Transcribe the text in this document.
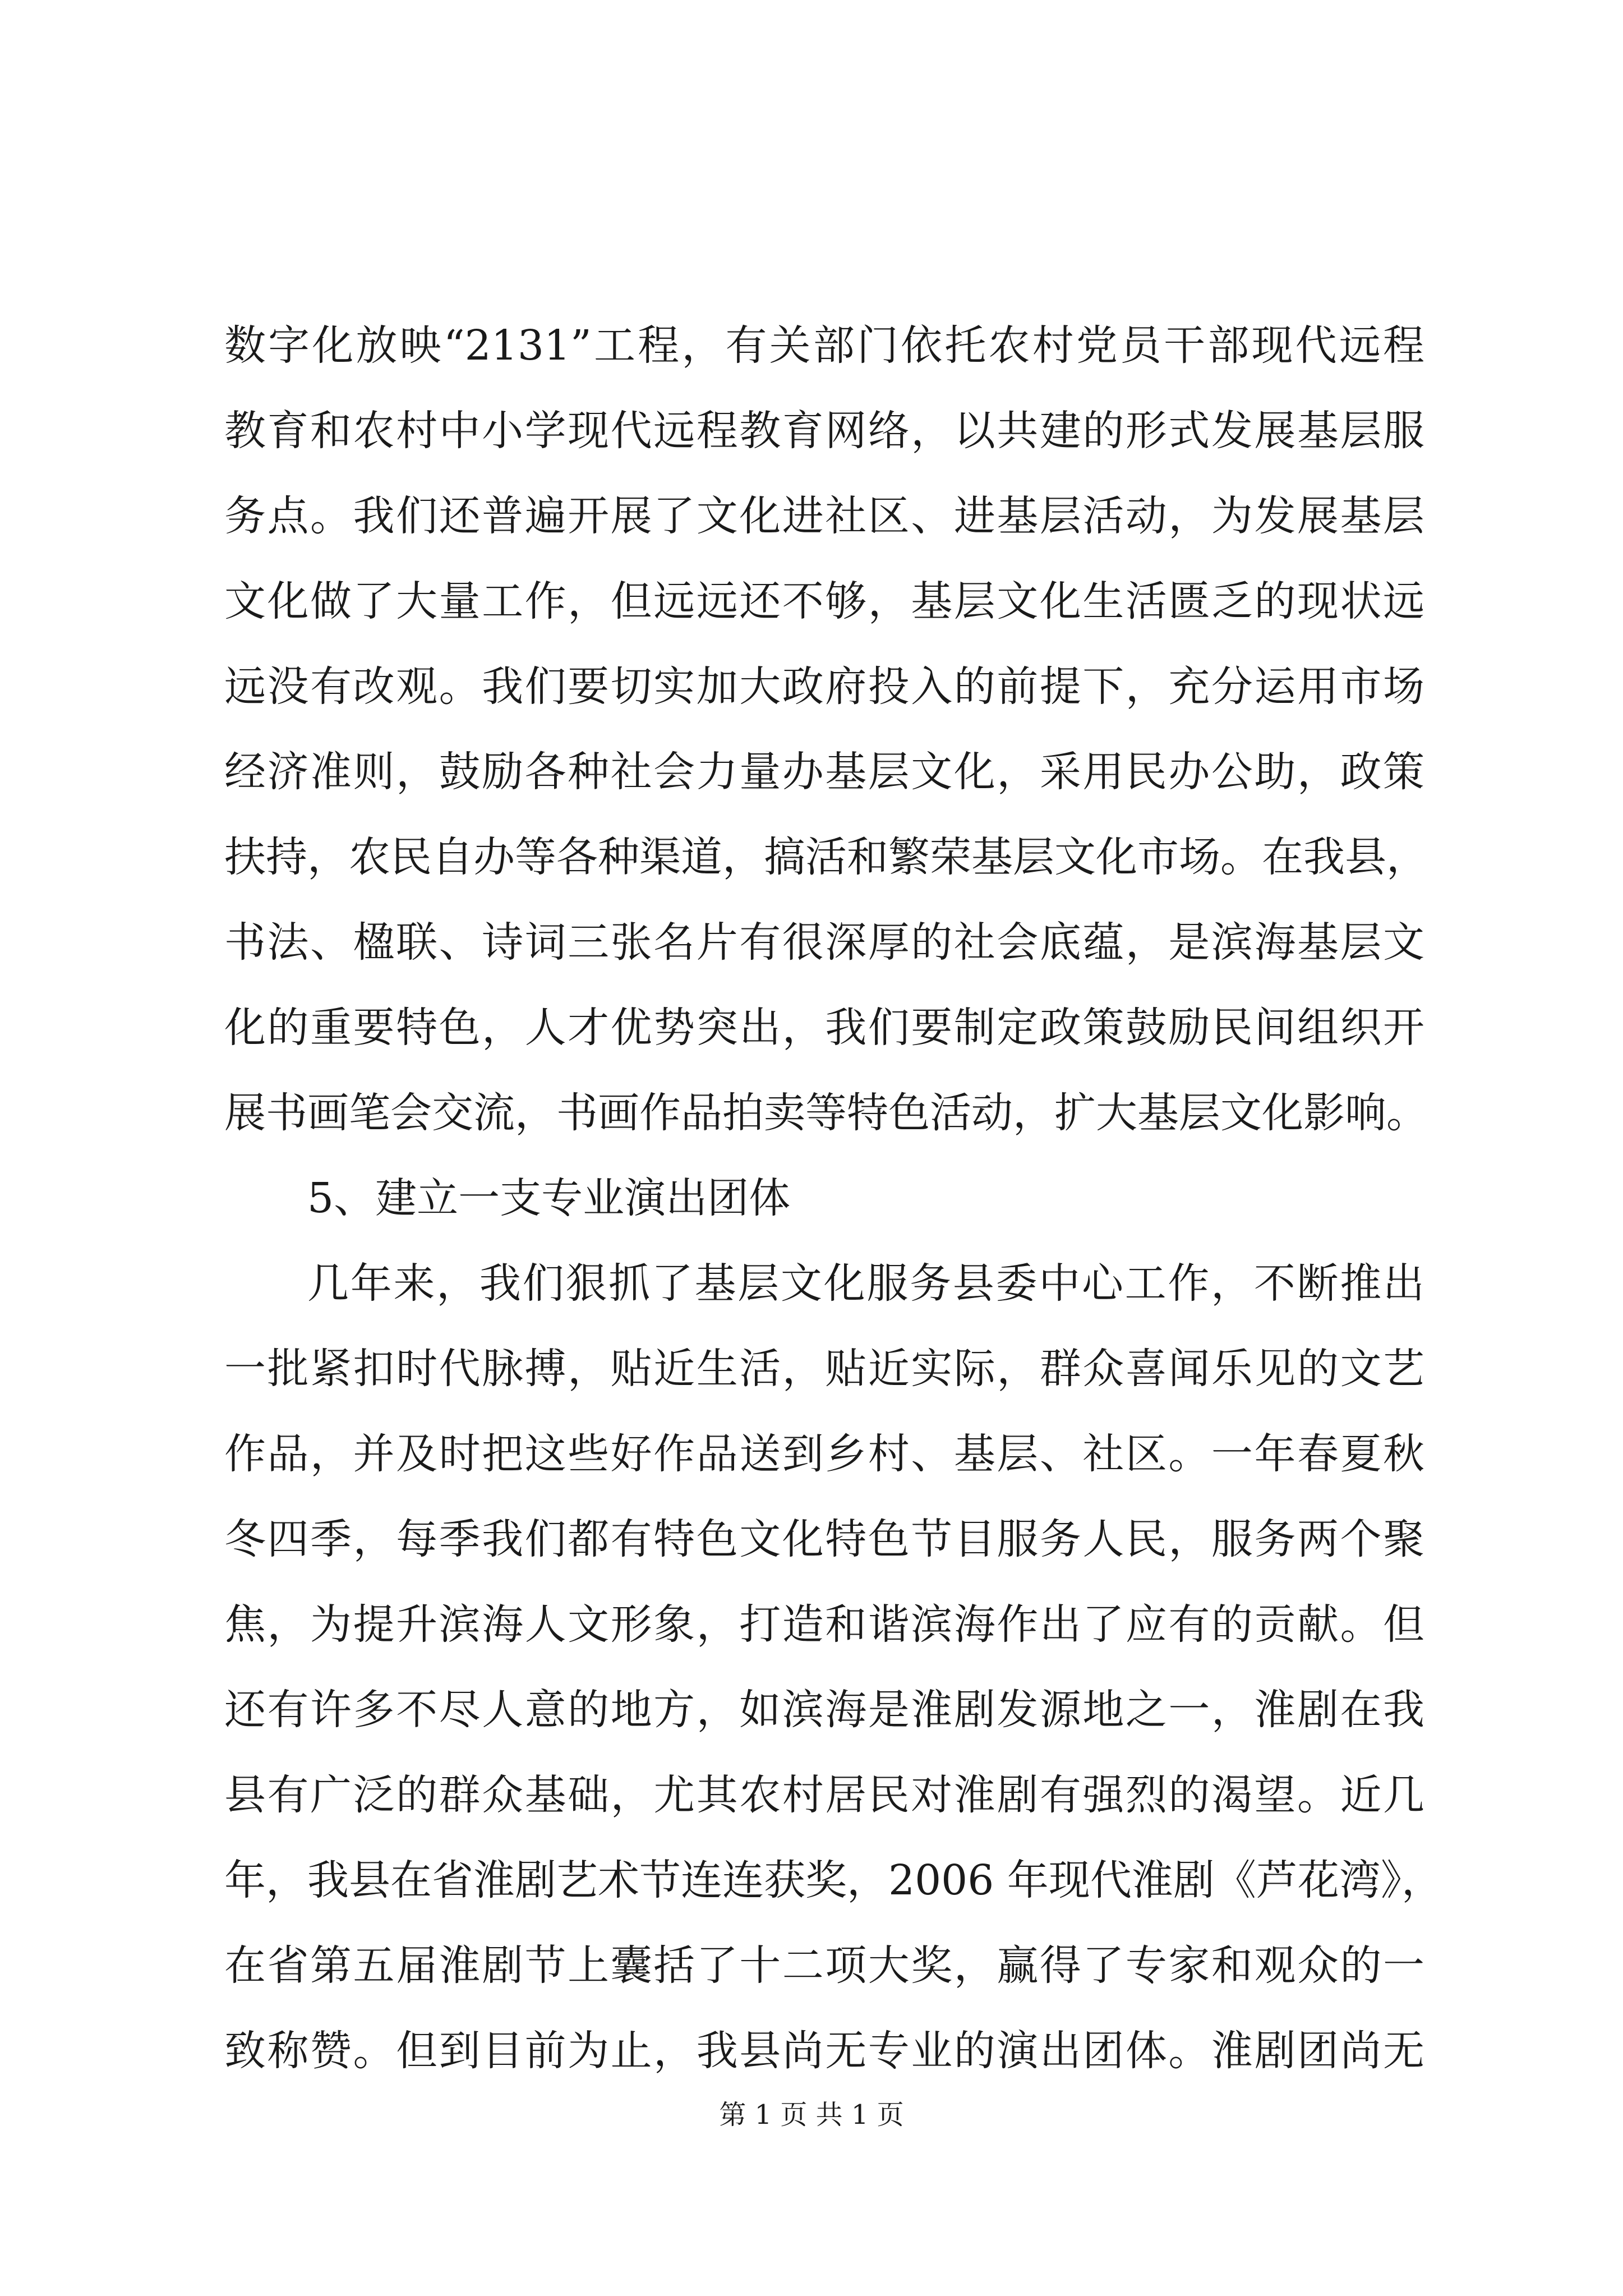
数字化放映“2131”工程，有关部门依托农村党员干部现代远程
教育和农村中小学现代远程教育网络，以共建的形式发展基层服
务点。我们还普遍开展了文化进社区、进基层活动，为发展基层
文化做了大量工作，但远远还不够，基层文化生活匮乏的现状远
远没有改观。我们要切实加大政府投入的前提下，充分运用市场
经济准则，鼓励各种社会力量办基层文化，采用民办公助，政策
扶持，农民自办等各种渠道，搞活和繁荣基层文化市场。在我县，
书法、楹联、诗词三张名片有很深厚的社会底蕴，是滨海基层文
化的重要特色，人才优势突出，我们要制定政策鼓励民间组织开
展书画笔会交流，书画作品拍卖等特色活动，扩大基层文化影响。
5、建立一支专业演出团体
几年来，我们狠抓了基层文化服务县委中心工作，不断推出
一批紧扣时代脉搏，贴近生活，贴近实际，群众喜闻乐见的文艺
作品，并及时把这些好作品送到乡村、基层、社区。一年春夏秋
冬四季，每季我们都有特色文化特色节目服务人民，服务两个聚
焦，为提升滨海人文形象，打造和谐滨海作出了应有的贡献。但
还有许多不尽人意的地方，如滨海是淮剧发源地之一，淮剧在我
县有广泛的群众基础，尤其农村居民对淮剧有强烈的渴望。近几
年，我县在省淮剧艺术节连连获奖，2006 年现代淮剧《芦花湾》，
在省第五届淮剧节上囊括了十二项大奖，赢得了专家和观众的一
致称赞。但到目前为止，我县尚无专业的演出团体。淮剧团尚无
第 1 页 共 1 页
